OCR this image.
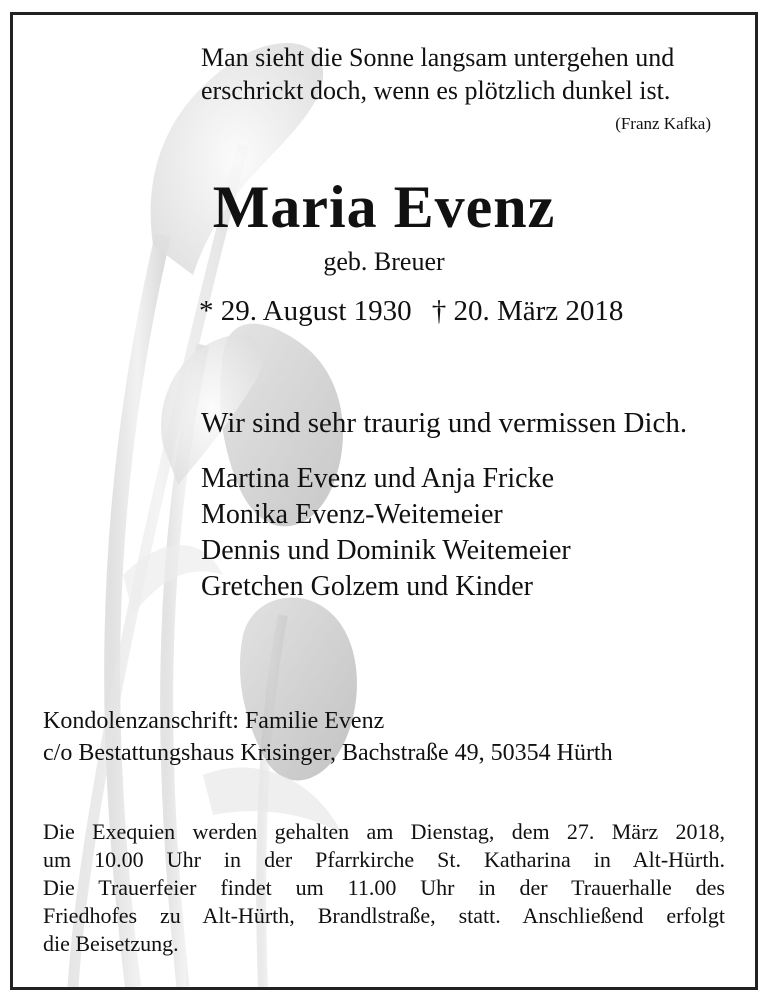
Man sieht die Sonne langsam untergehen und
erschrickt doch, wenn es plötzlich dunkel ist.
(Franz Kafka)
Maria Evenz
geb. Breuer
* 29. August 1930 † 20. März 2018
Wir sind sehr traurig und vermissen Dich.
Martina Evenz und Anja Fricke
Monika Evenz-Weitemeier
Dennis und Dominik Weitemeier
Gretchen Golzem und Kinder
Kondolenzanschrift: Familie Evenz
c/o Bestattungshaus Krisinger, Bachstraße 49, 50354 Hürth
Die Exequien werden gehalten am Dienstag, dem 27. März 2018,
um 10.00 Uhr in der Pfarrkirche St. Katharina in Alt-Hürth.
Die Trauerfeier findet um 11.00 Uhr in der Trauerhalle des
Friedhofes zu Alt-Hürth, Brandlstraße, statt. Anschließend erfolgt
die Beisetzung.
